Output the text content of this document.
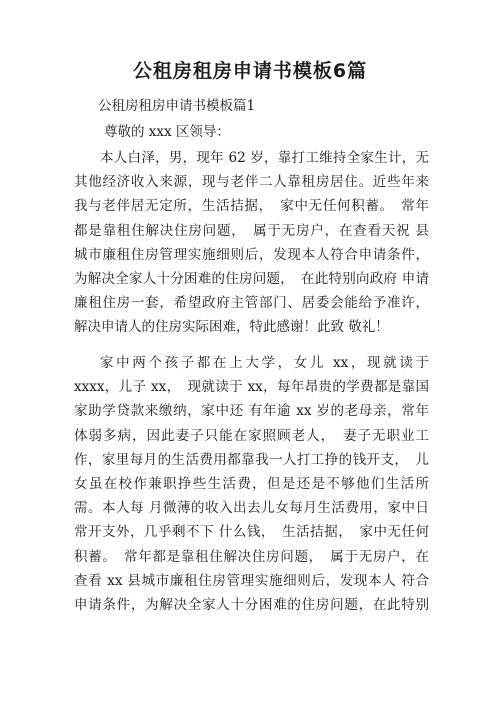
公租房租房申请书模板6篇

公租房租房申请书模板篇1

尊敬的 xxx 区领导：

本人白泽，男，现年 62 岁，靠打工维持全家生计，无
其他经济收入来源，现与老伴二人靠租房居住。近些年来
我与老伴居无定所，生活拮据，　家中无任何积蓄。　常年
都是靠租住解决住房问题，　属于无房户，在查看天祝 县
城市廉租住房管理实施细则后，发现本人符合申请条件，
为解决全家人十分困难的住房问题，　在此特别向政府 申请
廉租住房一套，希望政府主管部门、居委会能给予准许，
解决申请人的住房实际困难，特此感谢！此致 敬礼！
家中两个孩子都在上大学，女儿 xx，现就读于
xxxx，儿子 xx，　现就读于 xx，每年昂贵的学费都是靠国
家助学贷款来缴纳，家中还 有年逾 xx 岁的老母亲，常年
体弱多病，因此妻子只能在家照顾老人，　妻子无职业工
作，家里每月的生活费用都靠我一人打工挣的钱开支，　儿
女虽在校作兼职挣些生活费，但是还是不够他们生活所
需。本人每 月微薄的收入出去儿女每月生活费用，家中日
常开支外，几乎剩不下 什么钱，　生活拮据，　家中无任何
积蓄。　常年都是靠租住解决住房问题，　属于无房户，在
查看 xx 县城市廉租住房管理实施细则后，发现本人 符合
申请条件，为解决全家人十分困难的住房问题，在此特别
